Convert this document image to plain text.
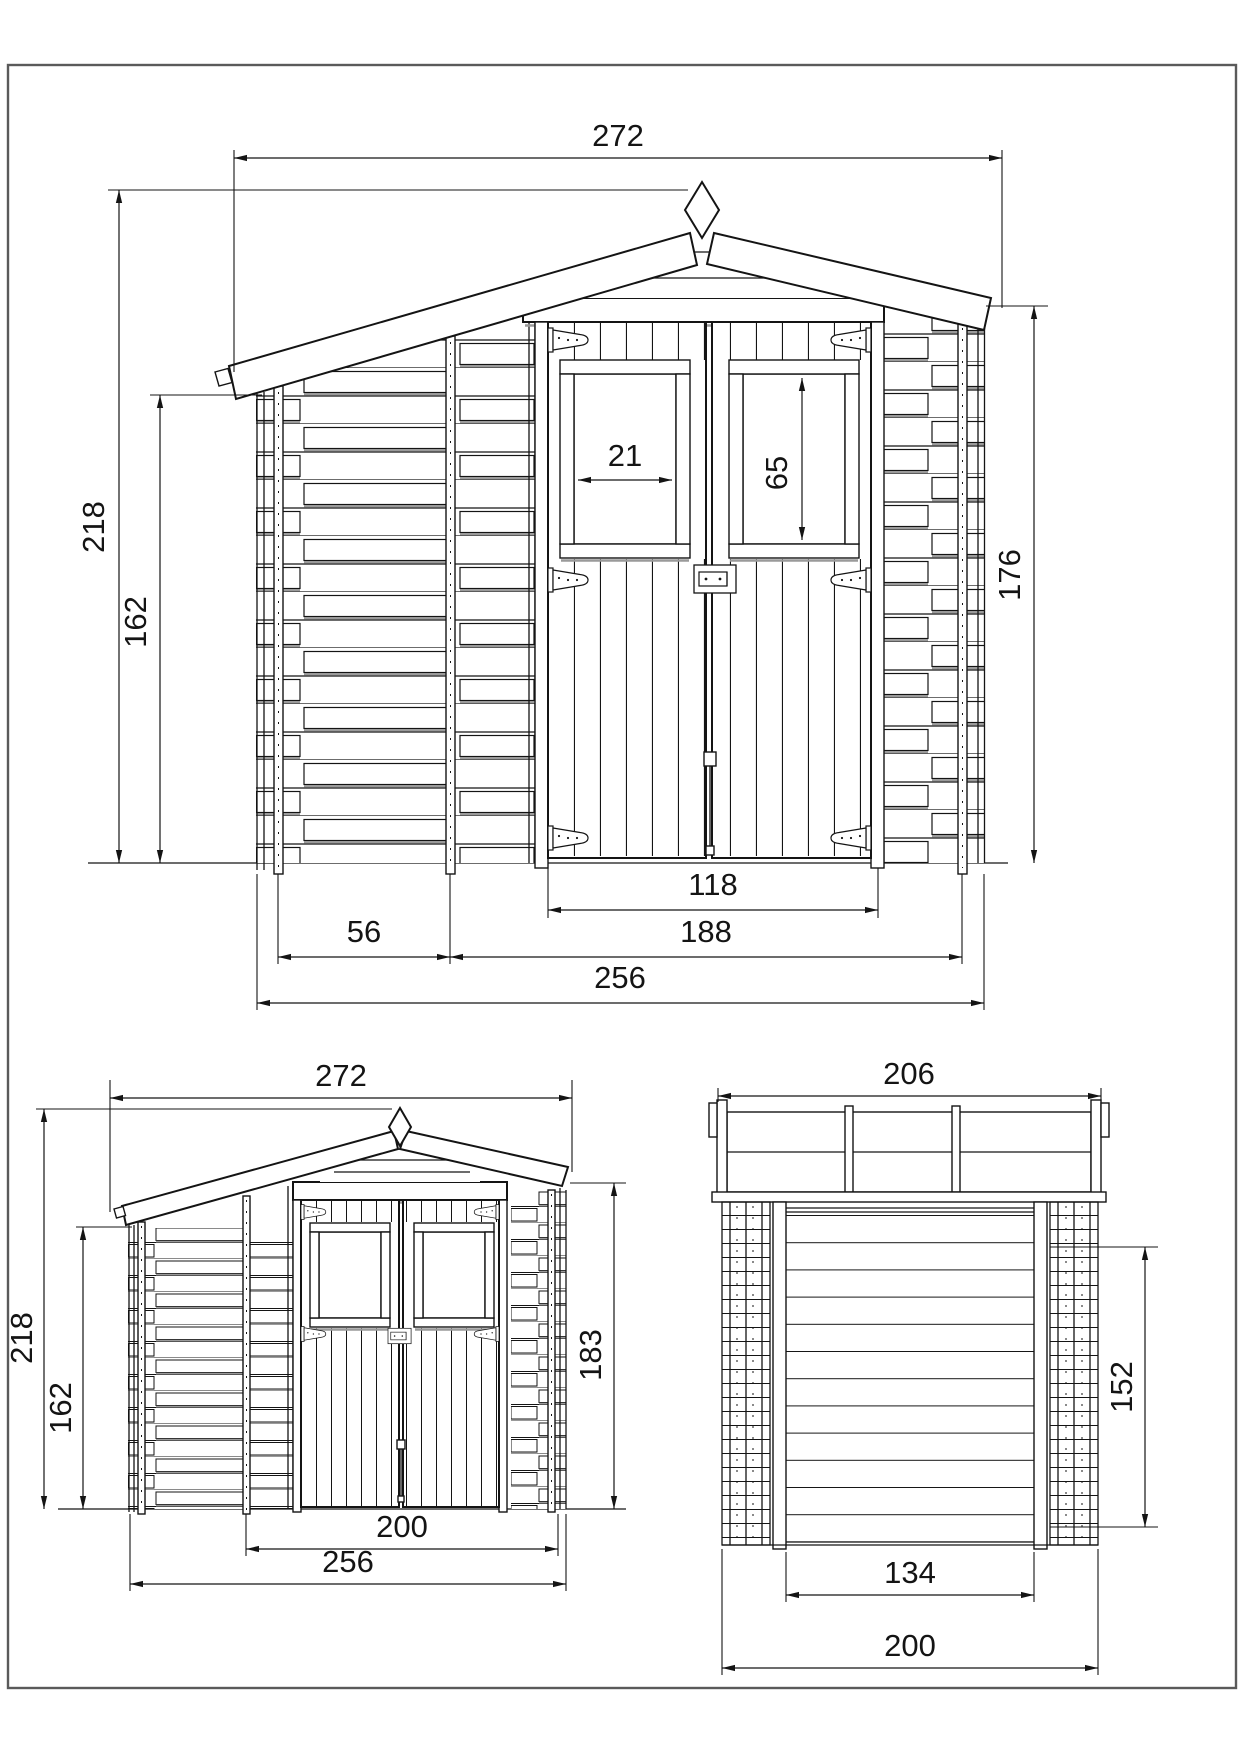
272
218
162
176
21	65
118
56	188
256
272
218
162
183
200
256
206
152
134
200
